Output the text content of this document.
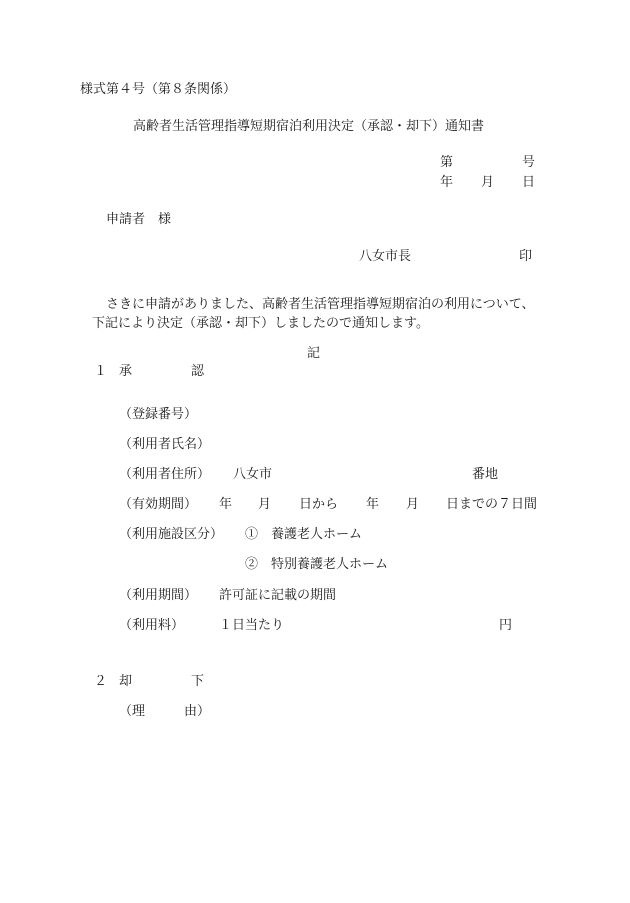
様式第４号（第８条関係）
高齢者生活管理指導短期宿泊利用決定（承認・却下）通知書
第	号
年 月 日
申請者　様
八女市長	印
さきに申請がありました、高齢者生活管理指導短期宿泊の利用について、
下記により決定（承認・却下）しましたので通知します。
記
１ 承	認
（登録番号）
（利用者氏名）
（利用者住所） 八女市	番地
（有効期間） 年 月 日から 年 月 日までの７日間
（利用施設区分） ①　養護老人ホーム
②　特別養護老人ホーム
（利用期間） 許可証に記載の期間
（利用料）	１日当たり	円
２ 却	下
（理	由）
